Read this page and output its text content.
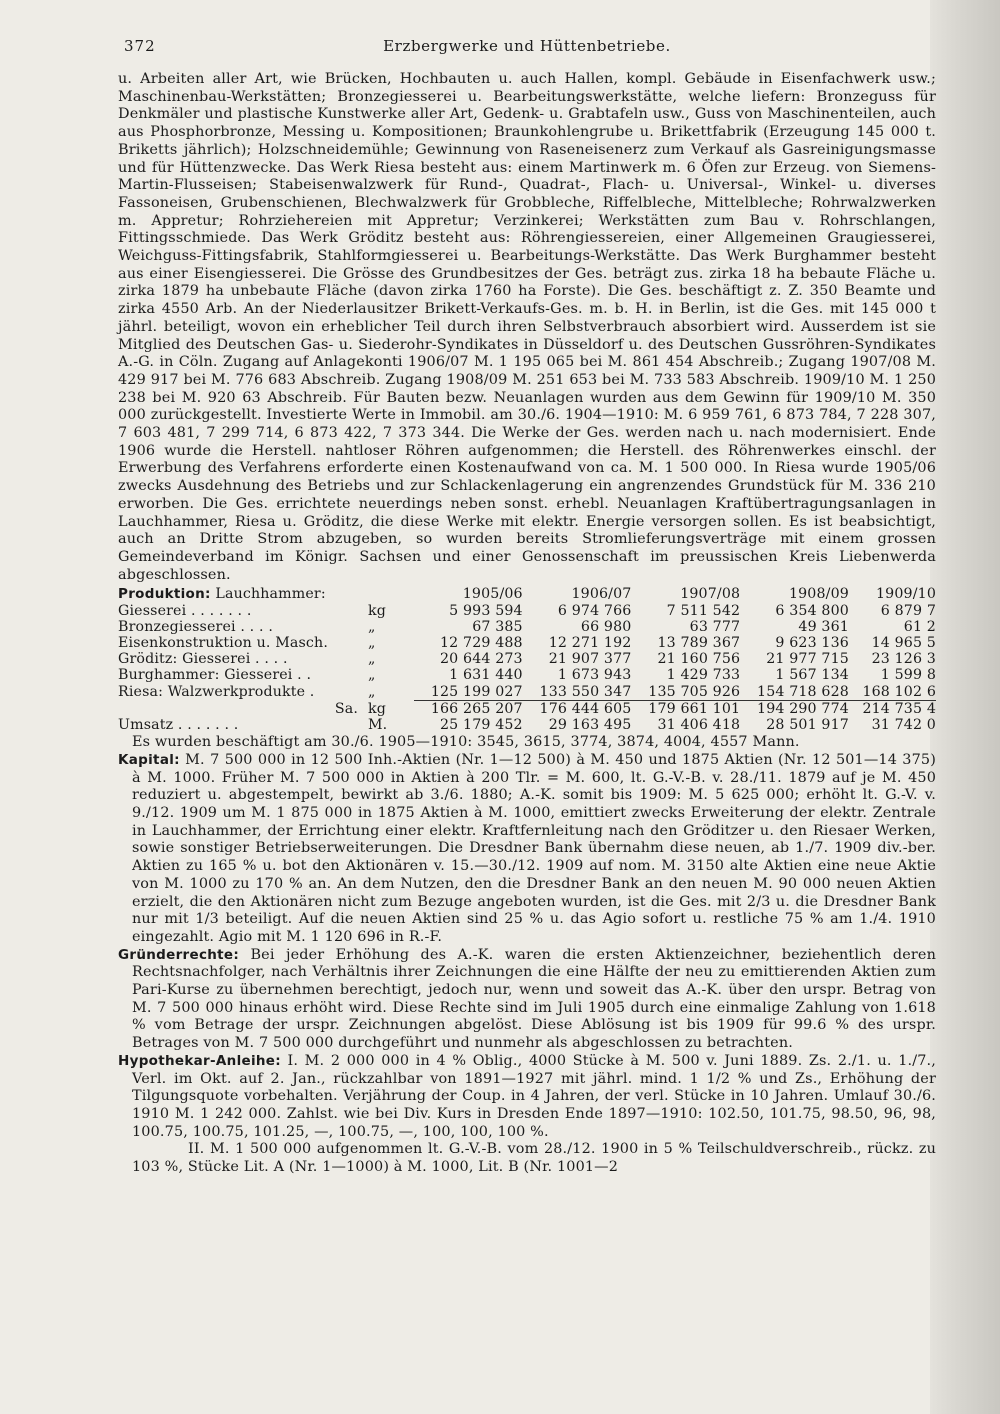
372	Erzbergwerke und Hüttenbetriebe.

u. Arbeiten aller Art, wie Brücken, Hochbauten u. auch Hallen, kompl. Gebäude in Eisenfachwerk usw.; Maschinenbau-Werkstätten; Bronzegiesserei u. Bearbeitungswerkstätte, welche liefern: Bronzeguss für Denkmäler und plastische Kunstwerke aller Art, Gedenk- u. Grabtafeln usw., Guss von Maschinenteilen, auch aus Phosphorbronze, Messing u. Kompositionen; Braunkohlengrube u. Brikettfabrik (Erzeugung 145 000 t. Briketts jährlich); Holzschneidemühle; Gewinnung von Raseneisenerz zum Verkauf als Gasreinigungsmasse und für Hüttenzwecke. Das Werk Riesa besteht aus: einem Martinwerk m. 6 Öfen zur Erzeug. von Siemens-Martin-Flusseisen; Stabeisenwalzwerk für Rund-, Quadrat-, Flach- u. Universal-, Winkel- u. diverses Fassoneisen, Grubenschienen, Blechwalzwerk für Grobbleche, Riffelbleche, Mittelbleche; Rohrwalzwerken m. Appretur; Rohrziehereien mit Appretur; Verzinkerei; Werkstätten zum Bau v. Rohrschlangen, Fittingsschmiede. Das Werk Gröditz besteht aus: Röhrengiessereien, einer Allgemeinen Graugiesserei, Weichguss-Fittingsfabrik, Stahlformgiesserei u. Bearbeitungs-Werkstätte. Das Werk Burghammer besteht aus einer Eisengiesserei. Die Grösse des Grundbesitzes der Ges. beträgt zus. zirka 18 ha bebaute Fläche u. zirka 1879 ha unbebaute Fläche (davon zirka 1760 ha Forste). Die Ges. beschäftigt z. Z. 350 Beamte und zirka 4550 Arb. An der Niederlausitzer Brikett-Verkaufs-Ges. m. b. H. in Berlin, ist die Ges. mit 145 000 t jährl. beteiligt, wovon ein erheblicher Teil durch ihren Selbstverbrauch absorbiert wird. Ausserdem ist sie Mitglied des Deutschen Gas- u. Siederohr-Syndikates in Düsseldorf u. des Deutschen Gussröhren-Syndikates A.-G. in Cöln. Zugang auf Anlagekonti 1906/07 M. 1 195 065 bei M. 861 454 Abschreib.; Zugang 1907/08 M. 429 917 bei M. 776 683 Abschreib. Zugang 1908/09 M. 251 653 bei M. 733 583 Abschreib. 1909/10 M. 1 250 238 bei M. 920 63 Abschreib. Für Bauten bezw. Neuanlagen wurden aus dem Gewinn für 1909/10 M. 350 000 zurückgestellt. Investierte Werte in Immobil. am 30./6. 1904—1910: M. 6 959 761, 6 873 784, 7 228 307, 7 603 481, 7 299 714, 6 873 422, 7 373 344. Die Werke der Ges. werden nach u. nach modernisiert. Ende 1906 wurde die Herstell. nahtloser Röhren aufgenommen; die Herstell. des Röhrenwerkes einschl. der Erwerbung des Verfahrens erforderte einen Kostenaufwand von ca. M. 1 500 000. In Riesa wurde 1905/06 zwecks Ausdehnung des Betriebs und zur Schlackenlagerung ein angrenzendes Grundstück für M. 336 210 erworben. Die Ges. errichtete neuerdings neben sonst. erhebl. Neuanlagen Kraftübertragungsanlagen in Lauchhammer, Riesa u. Gröditz, die diese Werke mit elektr. Energie versorgen sollen. Es ist beabsichtigt, auch an Dritte Strom abzugeben, so wurden bereits Stromlieferungsverträge mit einem grossen Gemeindeverband im Königr. Sachsen und einer Genossenschaft im preussischen Kreis Liebenwerda abgeschlossen.

Produktion: Lauchhammer:		1905/06	1906/07	1907/08	1908/09	1909/10
Giesserei . . . . . . .	kg	5 993 594	6 974 766	7 511 542	6 354 800	6 879 7
Bronzegiesserei . . . .	„	67 385	66 980	63 777	49 361	61 2
Eisenkonstruktion u. Masch.	„	12 729 488	12 271 192	13 789 367	9 623 136	14 965 5
Gröditz: Giesserei . . . .	„	20 644 273	21 907 377	21 160 756	21 977 715	23 126 3
Burghammer: Giesserei . .	„	1 631 440	1 673 943	1 429 733	1 567 134	1 599 8
Riesa: Walzwerkprodukte .	„	125 199 027	133 550 347	135 705 926	154 718 628	168 102 6
Sa.	kg	166 265 207	176 444 605	179 661 101	194 290 774	214 735 4
Umsatz . . . . . . .	M.	25 179 452	29 163 495	31 406 418	28 501 917	31 742 0

Es wurden beschäftigt am 30./6. 1905—1910: 3545, 3615, 3774, 3874, 4004, 4557 Mann.

Kapital: M. 7 500 000 in 12 500 Inh.-Aktien (Nr. 1—12 500) à M. 450 und 1875 Aktien (Nr. 12 501—14 375) à M. 1000. Früher M. 7 500 000 in Aktien à 200 Tlr. = M. 600, lt. G.-V.-B. v. 28./11. 1879 auf je M. 450 reduziert u. abgestempelt, bewirkt ab 3./6. 1880; A.-K. somit bis 1909: M. 5 625 000; erhöht lt. G.-V. v. 9./12. 1909 um M. 1 875 000 in 1875 Aktien à M. 1000, emittiert zwecks Erweiterung der elektr. Zentrale in Lauchhammer, der Errichtung einer elektr. Kraftfernleitung nach den Gröditzer u. den Riesaer Werken, sowie sonstiger Betriebserweiterungen. Die Dresdner Bank übernahm diese neuen, ab 1./7. 1909 div.-ber. Aktien zu 165 % u. bot den Aktionären v. 15.—30./12. 1909 auf nom. M. 3150 alte Aktien eine neue Aktie von M. 1000 zu 170 % an. An dem Nutzen, den die Dresdner Bank an den neuen M. 90 000 neuen Aktien erzielt, die den Aktionären nicht zum Bezuge angeboten wurden, ist die Ges. mit 2/3 u. die Dresdner Bank nur mit 1/3 beteiligt. Auf die neuen Aktien sind 25 % u. das Agio sofort u. restliche 75 % am 1./4. 1910 eingezahlt. Agio mit M. 1 120 696 in R.-F.

Gründerrechte: Bei jeder Erhöhung des A.-K. waren die ersten Aktienzeichner, beziehentlich deren Rechtsnachfolger, nach Verhältnis ihrer Zeichnungen die eine Hälfte der neu zu emittierenden Aktien zum Pari-Kurse zu übernehmen berechtigt, jedoch nur, wenn und soweit das A.-K. über den urspr. Betrag von M. 7 500 000 hinaus erhöht wird. Diese Rechte sind im Juli 1905 durch eine einmalige Zahlung von 1.618 % vom Betrage der urspr. Zeichnungen abgelöst. Diese Ablösung ist bis 1909 für 99.6 % des urspr. Betrages von M. 7 500 000 durchgeführt und nunmehr als abgeschlossen zu betrachten.

Hypothekar-Anleihe: I. M. 2 000 000 in 4 % Oblig., 4000 Stücke à M. 500 v. Juni 1889. Zs. 2./1. u. 1./7., Verl. im Okt. auf 2. Jan., rückzahlbar von 1891—1927 mit jährl. mind. 1 1/2 % und Zs., Erhöhung der Tilgungsquote vorbehalten. Verjährung der Coup. in 4 Jahren, der verl. Stücke in 10 Jahren. Umlauf 30./6. 1910 M. 1 242 000. Zahlst. wie bei Div. Kurs in Dresden Ende 1897—1910: 102.50, 101.75, 98.50, 96, 98, 100.75, 100.75, 101.25, —, 100.75, —, 100, 100, 100 %.

II. M. 1 500 000 aufgenommen lt. G.-V.-B. vom 28./12. 1900 in 5 % Teilschuldverschreib., rückz. zu 103 %, Stücke Lit. A (Nr. 1—1000) à M. 1000, Lit. B (Nr. 1001—2
